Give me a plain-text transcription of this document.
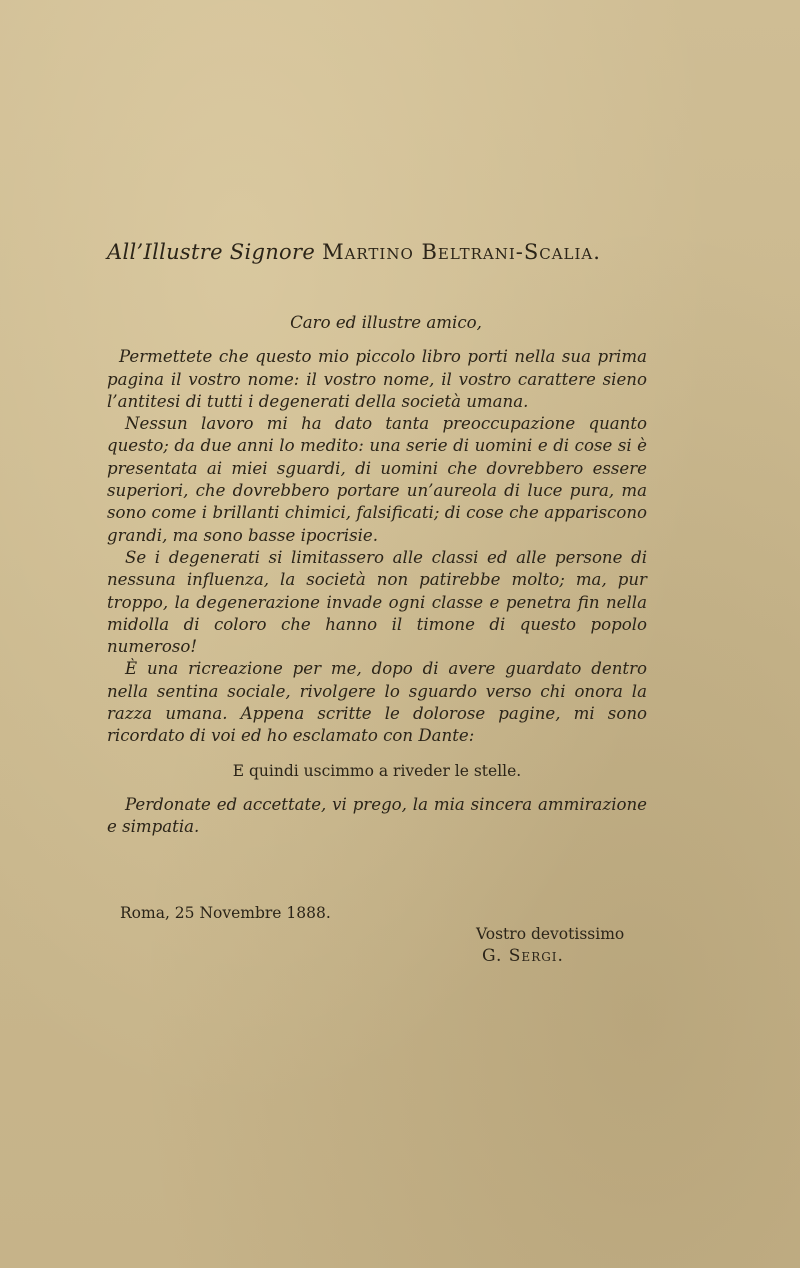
All’Illustre Signore Martino Beltrani-Scalia.

Caro ed illustre amico,

Permettete che questo mio piccolo libro porti nella sua prima pagina il vostro nome: il vostro nome, il vostro carattere sieno l’antitesi di tutti i degenerati della società umana.

Nessun lavoro mi ha dato tanta preoccupazione quanto questo; da due anni lo medito: una serie di uomini e di cose si è presentata ai miei sguardi, di uomini che dovrebbero essere superiori, che dovrebbero portare un’aureola di luce pura, ma sono come i brillanti chimici, falsificati; di cose che appariscono grandi, ma sono basse ipocrisie.

Se i degenerati si limitassero alle classi ed alle persone di nessuna influenza, la società non patirebbe molto; ma, pur troppo, la degenerazione invade ogni classe e penetra fin nella midolla di coloro che hanno il timone di questo popolo numeroso!

È una ricreazione per me, dopo di avere guardato dentro nella sentina sociale, rivolgere lo sguardo verso chi onora la razza umana. Appena scritte le dolorose pagine, mi sono ricordato di voi ed ho esclamato con Dante:

E quindi uscimmo a riveder le stelle.

Perdonate ed accettate, vi prego, la mia sincera ammirazione e simpatia.

Roma, 25 Novembre 1888.
Vostro devotissimo
G. Sergi.
